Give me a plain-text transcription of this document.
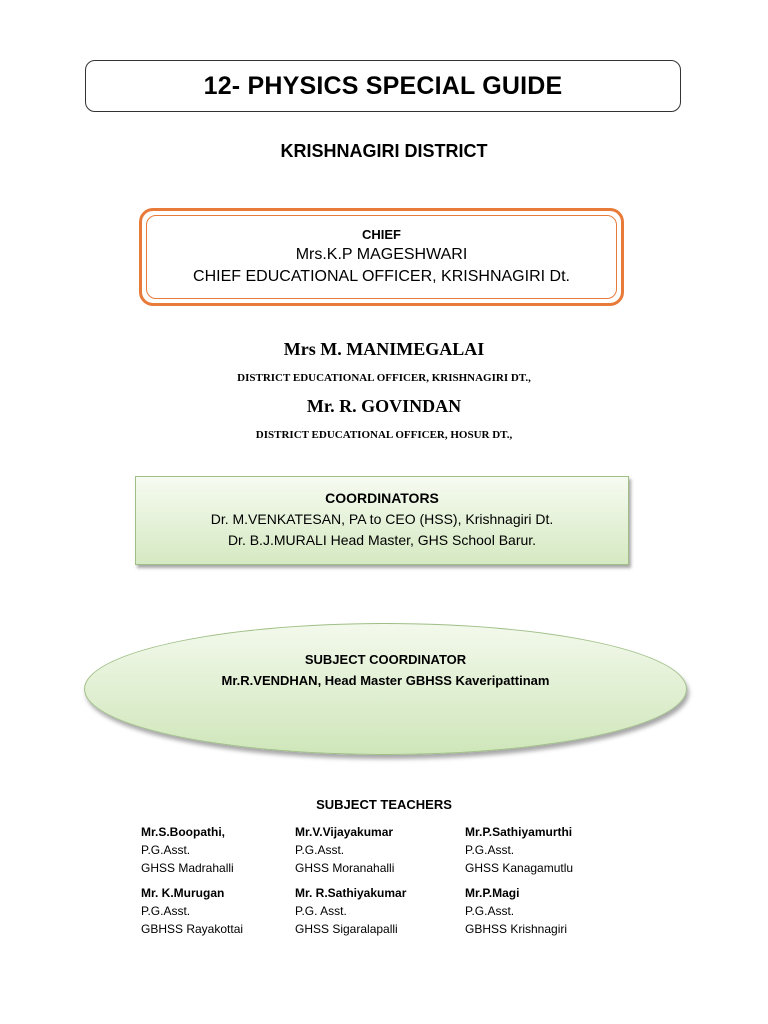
12- PHYSICS SPECIAL GUIDE
KRISHNAGIRI DISTRICT
CHIEF
Mrs.K.P MAGESHWARI
CHIEF EDUCATIONAL OFFICER, KRISHNAGIRI Dt.
Mrs M. MANIMEGALAI
DISTRICT EDUCATIONAL OFFICER, KRISHNAGIRI DT.,
Mr. R. GOVINDAN
DISTRICT EDUCATIONAL OFFICER, HOSUR DT.,
COORDINATORS
Dr. M.VENKATESAN, PA to CEO (HSS), Krishnagiri Dt.
Dr. B.J.MURALI Head Master, GHS School Barur.
SUBJECT COORDINATOR
Mr.R.VENDHAN, Head Master GBHSS Kaveripattinam
SUBJECT TEACHERS
Mr.S.Boopathi,
P.G.Asst.
GHSS Madrahalli
Mr.V.Vijayakumar
P.G.Asst.
GHSS Moranahalli
Mr.P.Sathiyamurthi
P.G.Asst.
GHSS Kanagamutlu
Mr. K.Murugan
P.G.Asst.
GBHSS Rayakottai
Mr. R.Sathiyakumar
P.G. Asst.
GHSS Sigaralapalli
Mr.P.Magi
P.G.Asst.
GBHSS Krishnagiri
